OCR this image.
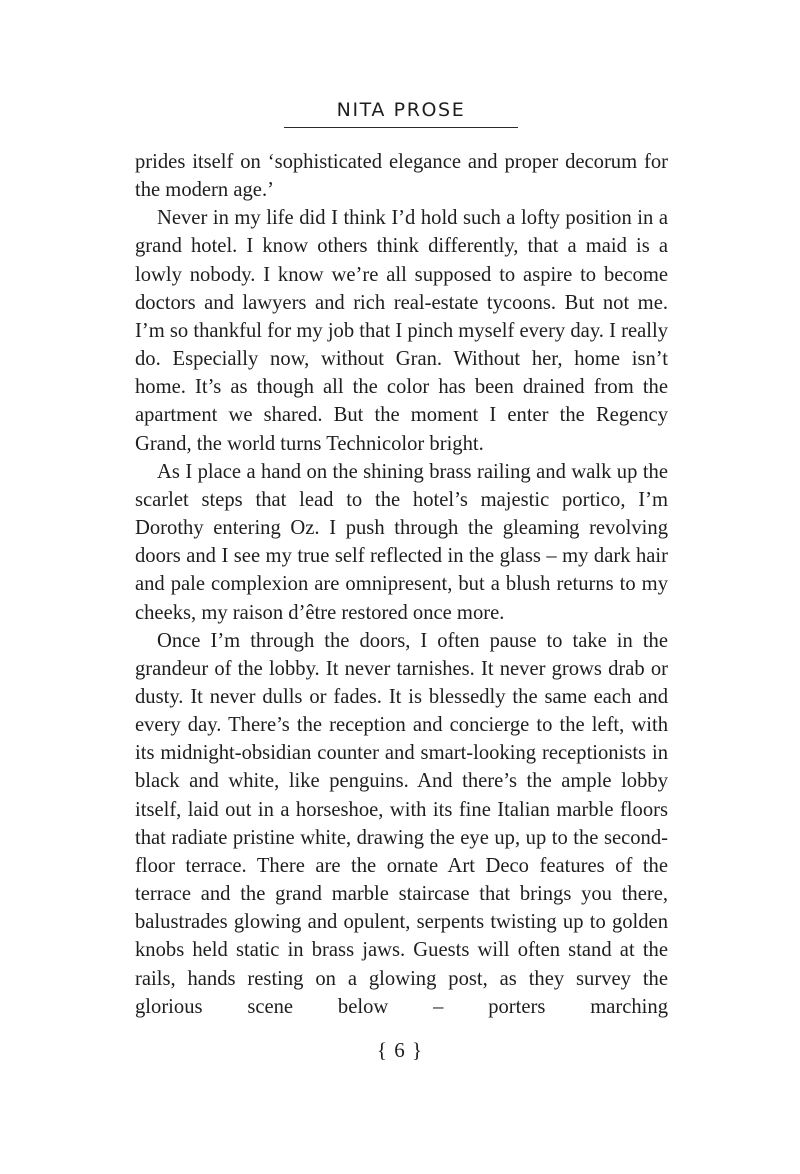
NITA PROSE

prides itself on ‘sophisticated elegance and proper decorum for the modern age.’

Never in my life did I think I’d hold such a lofty position in a grand hotel. I know others think differently, that a maid is a lowly nobody. I know we’re all supposed to aspire to become doctors and lawyers and rich real-estate tycoons. But not me. I’m so thankful for my job that I pinch myself every day. I really do. Especially now, without Gran. Without her, home isn’t home. It’s as though all the color has been drained from the apartment we shared. But the moment I enter the Regency Grand, the world turns Technicolor bright.

As I place a hand on the shining brass railing and walk up the scarlet steps that lead to the hotel’s majestic portico, I’m Dorothy entering Oz. I push through the gleaming revolving doors and I see my true self reflected in the glass – my dark hair and pale complexion are omnipresent, but a blush returns to my cheeks, my raison d’être restored once more.

Once I’m through the doors, I often pause to take in the grandeur of the lobby. It never tarnishes. It never grows drab or dusty. It never dulls or fades. It is blessedly the same each and every day. There’s the reception and concierge to the left, with its midnight-obsidian counter and smart-looking receptionists in black and white, like penguins. And there’s the ample lobby itself, laid out in a horseshoe, with its fine Italian marble floors that radiate pristine white, drawing the eye up, up to the second-floor terrace. There are the ornate Art Deco features of the terrace and the grand marble staircase that brings you there, balustrades glowing and opulent, serpents twisting up to golden knobs held static in brass jaws. Guests will often stand at the rails, hands resting on a glowing post, as they survey the glorious scene below – porters marching

{ 6 }
